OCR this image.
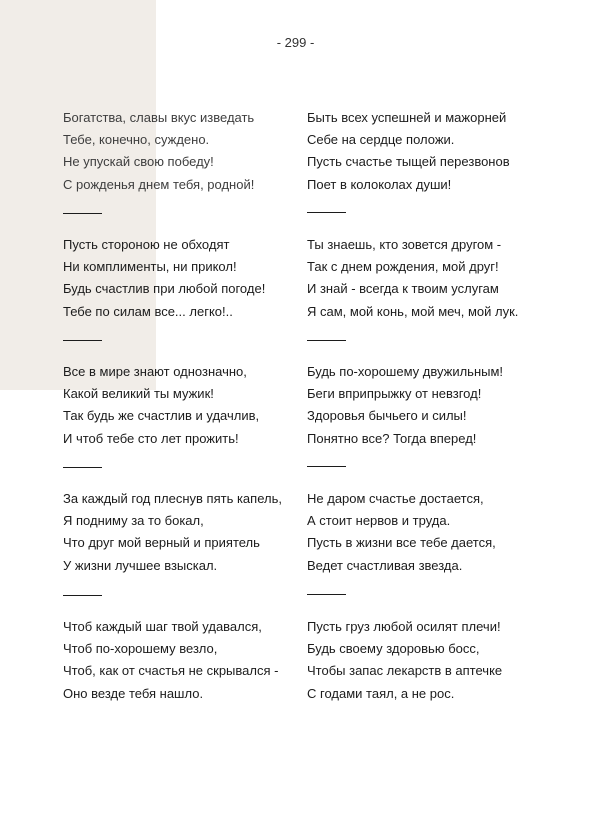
- 299 -
Богатства, славы вкус изведать
Тебе, конечно, суждено.
Не упускай свою победу!
С рожденья днем тебя, родной!
Пусть стороною не обходят
Ни комплименты, ни прикол!
Будь счастлив при любой погоде!
Тебе по силам все... легко!..
Все в мире знают однозначно,
Какой великий ты мужик!
Так будь же счастлив и удачлив,
И чтоб тебе сто лет прожить!
За каждый год плеснув пять капель,
Я подниму за то бокал,
Что друг мой верный и приятель
У жизни лучшее взыскал.
Чтоб каждый шаг твой удавался,
Чтоб по-хорошему везло,
Чтоб, как от счастья не скрывался -
Оно везде тебя нашло.
Быть всех успешней и мажорней
Себе на сердце положи.
Пусть счастье тыщей перезвонов
Поет в колоколах души!
Ты знаешь, кто зовется другом -
Так с днем рождения, мой друг!
И знай - всегда к твоим услугам
Я сам, мой конь, мой меч, мой лук.
Будь по-хорошему двужильным!
Беги вприпрыжку от невзгод!
Здоровья бычьего и силы!
Понятно все? Тогда вперед!
Не даром счастье достается,
А стоит нервов и труда.
Пусть в жизни все тебе дается,
Ведет счастливая звезда.
Пусть груз любой осилят плечи!
Будь своему здоровью босс,
Чтобы запас лекарств в аптечке
С годами таял, а не рос.
